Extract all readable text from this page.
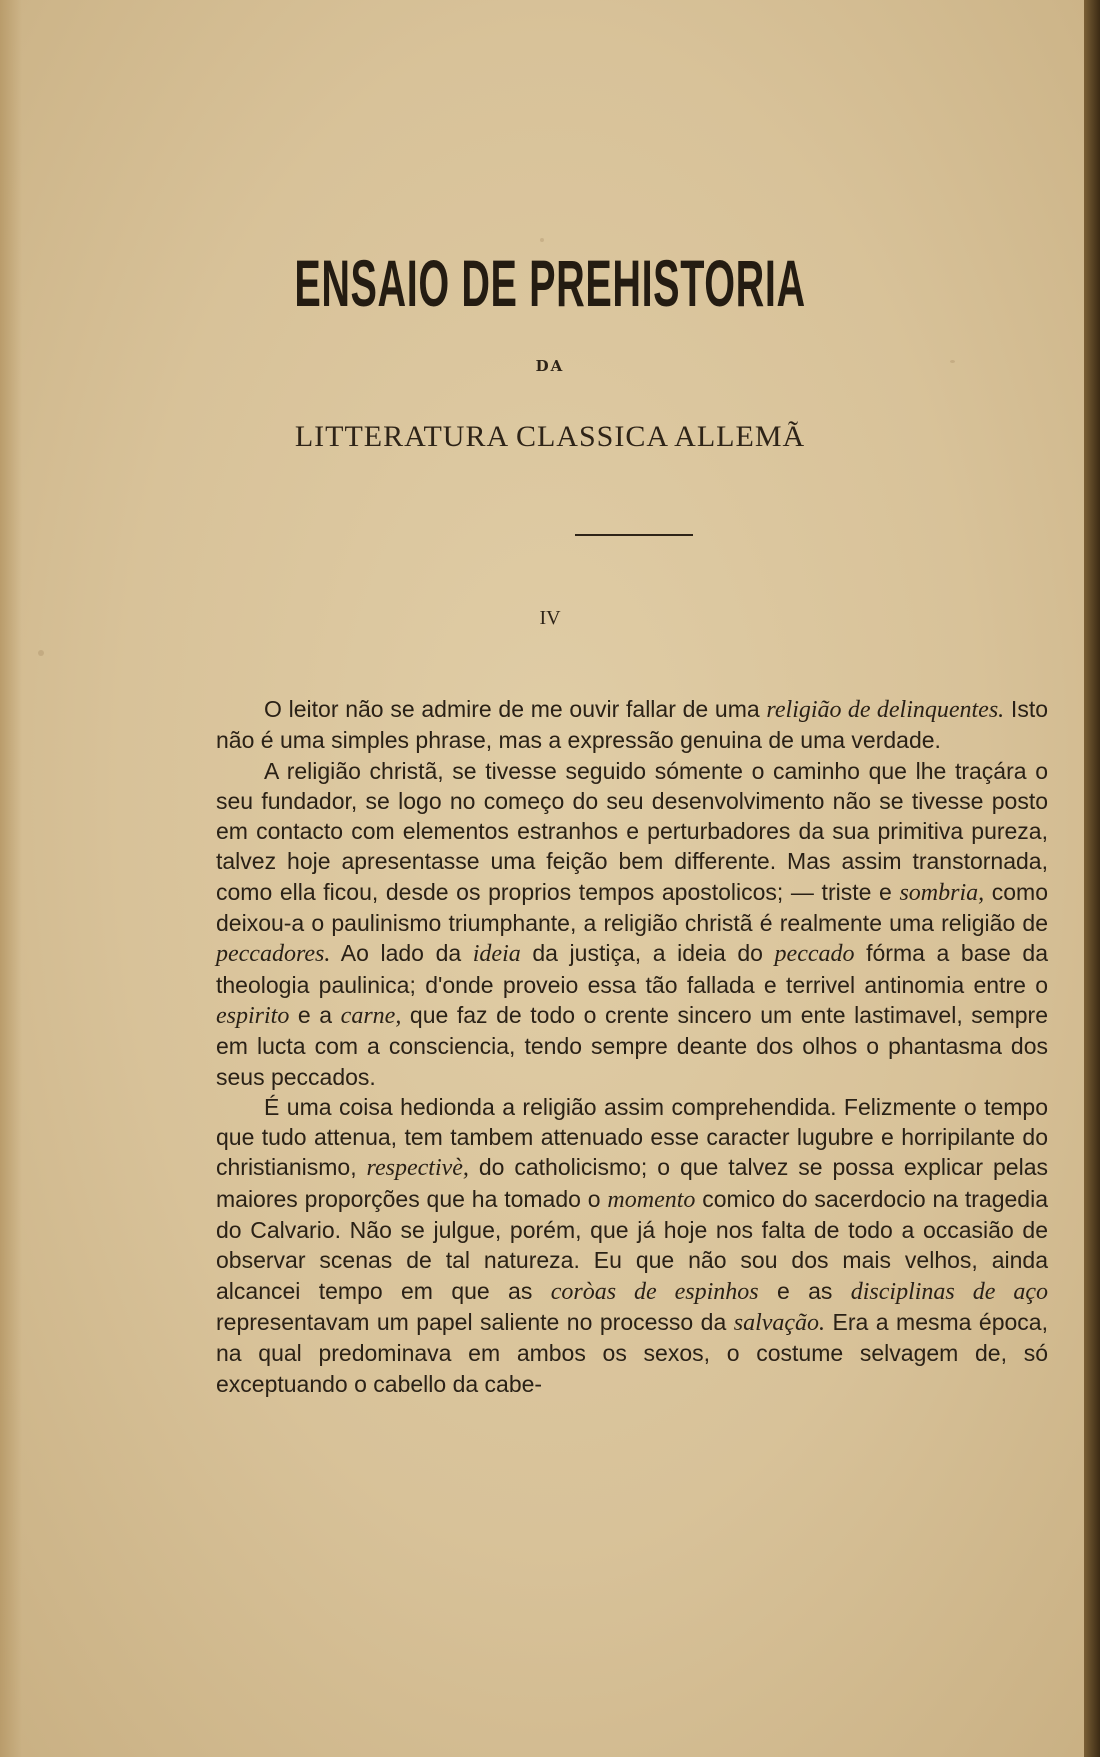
ENSAIO DE PREHISTORIA
DA
LITTERATURA CLASSICA ALLEMÃ
IV

O leitor não se admire de me ouvir fallar de uma religião de delinquentes. Isto não é uma simples phrase, mas a expressão genuina de uma verdade.

A religião christã, se tivesse seguido sómente o caminho que lhe traçára o seu fundador, se logo no começo do seu desenvolvimento não se tivesse posto em contacto com elementos estranhos e perturbadores da sua primitiva pureza, talvez hoje apresentasse uma feição bem differente. Mas assim transtornada, como ella ficou, desde os proprios tempos apostolicos; — triste e sombria, como deixou-a o paulinismo triumphante, a religião christã é realmente uma religião de peccadores. Ao lado da ideia da justiça, a ideia do peccado fórma a base da theologia paulinica; d'onde proveio essa tão fallada e terrivel antinomia entre o espirito e a carne, que faz de todo o crente sincero um ente lastimavel, sempre em lucta com a consciencia, tendo sempre deante dos olhos o phantasma dos seus peccados.

É uma coisa hedionda a religião assim comprehendida. Felizmente o tempo que tudo attenua, tem tambem attenuado esse caracter lugubre e horripilante do christianismo, respectivè, do catholicismo; o que talvez se possa explicar pelas maiores proporções que ha tomado o momento comico do sacerdocio na tragedia do Calvario. Não se julgue, porém, que já hoje nos falta de todo a occasião de observar scenas de tal natureza. Eu que não sou dos mais velhos, ainda alcancei tempo em que as coròas de espinhos e as disciplinas de aço representavam um papel saliente no processo da salvação. Era a mesma época, na qual predominava em ambos os sexos, o costume selvagem de, só exceptuando o cabello da cabe-
